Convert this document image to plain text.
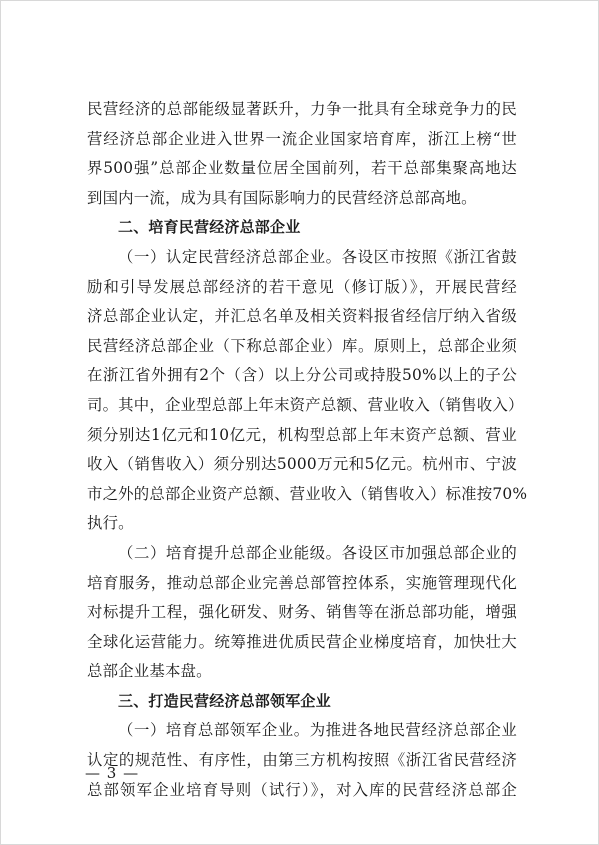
民营经济的总部能级显著跃升，力争一批具有全球竞争力的民
营经济总部企业进入世界一流企业国家培育库，浙江上榜“世
界500强”总部企业数量位居全国前列，若干总部集聚高地达
到国内一流，成为具有国际影响力的民营经济总部高地。
二、培育民营经济总部企业
（一）认定民营经济总部企业。各设区市按照《浙江省鼓
励和引导发展总部经济的若干意见（修订版）》，开展民营经
济总部企业认定，并汇总名单及相关资料报省经信厅纳入省级
民营经济总部企业（下称总部企业）库。原则上，总部企业须
在浙江省外拥有2个（含）以上分公司或持股50%以上的子公
司。其中，企业型总部上年末资产总额、营业收入（销售收入）
须分别达1亿元和10亿元，机构型总部上年末资产总额、营业
收入（销售收入）须分别达5000万元和5亿元。杭州市、宁波
市之外的总部企业资产总额、营业收入（销售收入）标准按70%
执行。
（二）培育提升总部企业能级。各设区市加强总部企业的
培育服务，推动总部企业完善总部管控体系，实施管理现代化
对标提升工程，强化研发、财务、销售等在浙总部功能，增强
全球化运营能力。统筹推进优质民营企业梯度培育，加快壮大
总部企业基本盘。
三、打造民营经济总部领军企业
（一）培育总部领军企业。为推进各地民营经济总部企业
认定的规范性、有序性，由第三方机构按照《浙江省民营经济
总部领军企业培育导则（试行）》，对入库的民营经济总部企
— 3 —
